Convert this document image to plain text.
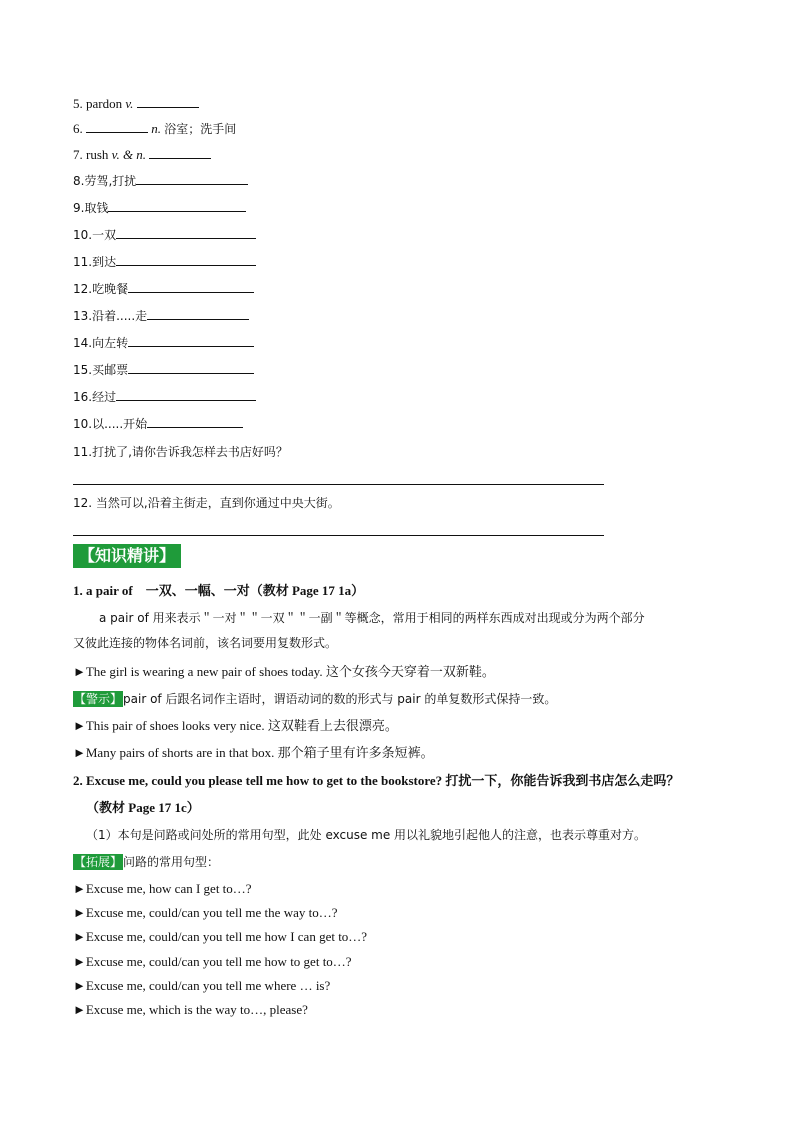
5. pardon v.
6.	n. 浴室；洗手间
7. rush v. & n.
8.劳驾,打扰
9.取钱
10.一双
11.到达
12.吃晚餐
13.沿着.....走
14.向左转
15.买邮票
16.经过
10.以.....开始
11.打扰了,请你告诉我怎样去书店好吗？
12. 当然可以,沿着主街走，直到你通过中央大街。
【知识精讲】
1. a pair of　一双、一幅、一对（教材 Page 17 1a）
a pair of 用来表示＂一对＂＂一双＂＂一副＂等概念，常用于相同的两样东西成对出现或分为两个部分
又彼此连接的物体名词前，该名词要用复数形式。
►The girl is wearing a new pair of shoes today. 这个女孩今天穿着一双新鞋。
【警示】pair of 后跟名词作主语时，谓语动词的数的形式与 pair 的单复数形式保持一致。
►This pair of shoes looks very nice. 这双鞋看上去很漂亮。
►Many pairs of shorts are in that box. 那个箱子里有许多条短裤。
2. Excuse me, could you please tell me how to get to the bookstore? 打扰一下，你能告诉我到书店怎么走吗？
（教材 Page 17 1c）
（1）本句是问路或问处所的常用句型，此处 excuse me 用以礼貌地引起他人的注意，也表示尊重对方。
【拓展】问路的常用句型：
►Excuse me, how can I get to…?
►Excuse me, could/can you tell me the way to…?
►Excuse me, could/can you tell me how I can get to…?
►Excuse me, could/can you tell me how to get to…?
►Excuse me, could/can you tell me where … is?
►Excuse me, which is the way to…, please?
